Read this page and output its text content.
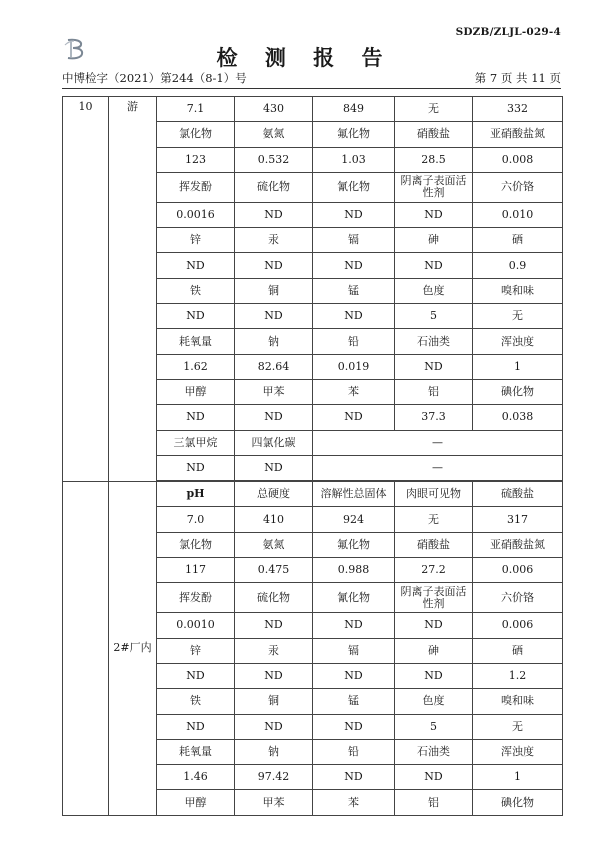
SDZB/ZLJL-029-4
检 测 报 告
中博检字（2021）第244（8-1）号	第 7 页 共 11 页
10	游	7.1	430	849	无	332
		氯化物	氨氮	氟化物	硝酸盐	亚硝酸盐氮
		123	0.532	1.03	28.5	0.008
		挥发酚	硫化物	氰化物	阴离子表面活性剂	六价铬
		0.0016	ND	ND	ND	0.010
		锌	汞	镉	砷	硒
		ND	ND	ND	ND	0.9
		铁	铜	锰	色度	嗅和味
		ND	ND	ND	5	无
		耗氧量	钠	铅	石油类	浑浊度
		1.62	82.64	0.019	ND	1
		甲醇	甲苯	苯	铝	碘化物
		ND	ND	ND	37.3	0.038
		三氯甲烷	四氯化碳	—		
		ND	ND	—		

	2#厂内	pH	总硬度	溶解性总固体	肉眼可见物	硫酸盐
		7.0	410	924	无	317
		氯化物	氨氮	氟化物	硝酸盐	亚硝酸盐氮
		117	0.475	0.988	27.2	0.006
		挥发酚	硫化物	氰化物	阴离子表面活性剂	六价铬
		0.0010	ND	ND	ND	0.006
		锌	汞	镉	砷	硒
		ND	ND	ND	ND	1.2
		铁	铜	锰	色度	嗅和味
		ND	ND	ND	5	无
		耗氧量	钠	铅	石油类	浑浊度
		1.46	97.42	ND	ND	1
		甲醇	甲苯	苯	铝	碘化物
